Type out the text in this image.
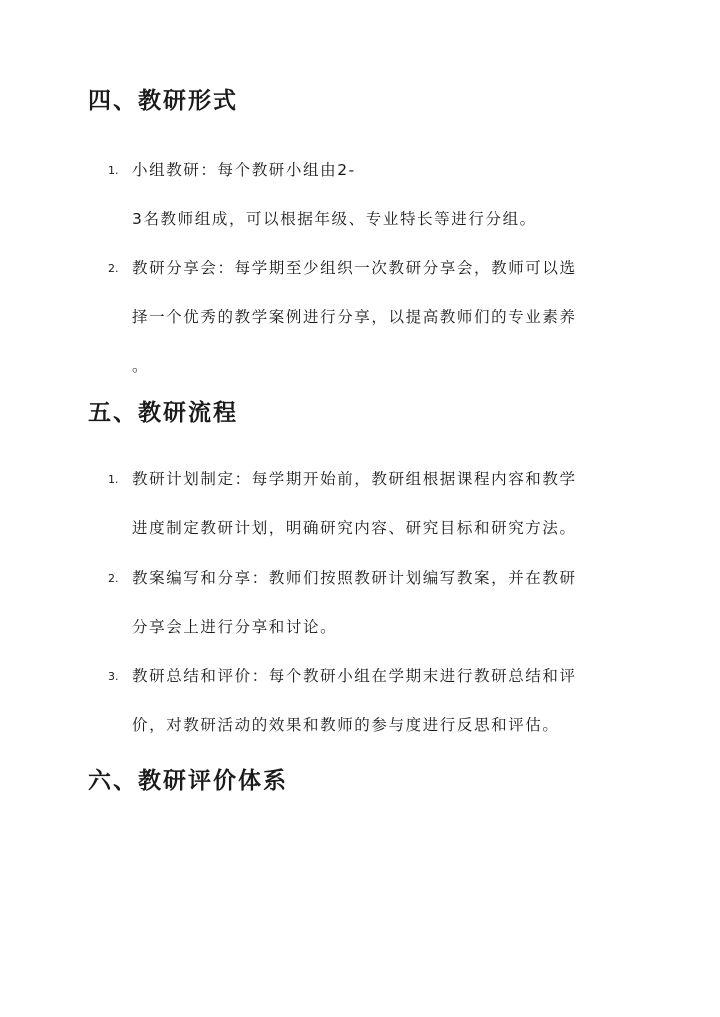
四、教研形式
1. 小组教研：每个教研小组由2-
3名教师组成，可以根据年级、专业特长等进行分组。
2. 教研分享会：每学期至少组织一次教研分享会，教师可以选
择一个优秀的教学案例进行分享，以提高教师们的专业素养
。
五、教研流程
1. 教研计划制定：每学期开始前，教研组根据课程内容和教学
进度制定教研计划，明确研究内容、研究目标和研究方法。
2. 教案编写和分享：教师们按照教研计划编写教案，并在教研
分享会上进行分享和讨论。
3. 教研总结和评价：每个教研小组在学期末进行教研总结和评
价，对教研活动的效果和教师的参与度进行反思和评估。
六、教研评价体系
